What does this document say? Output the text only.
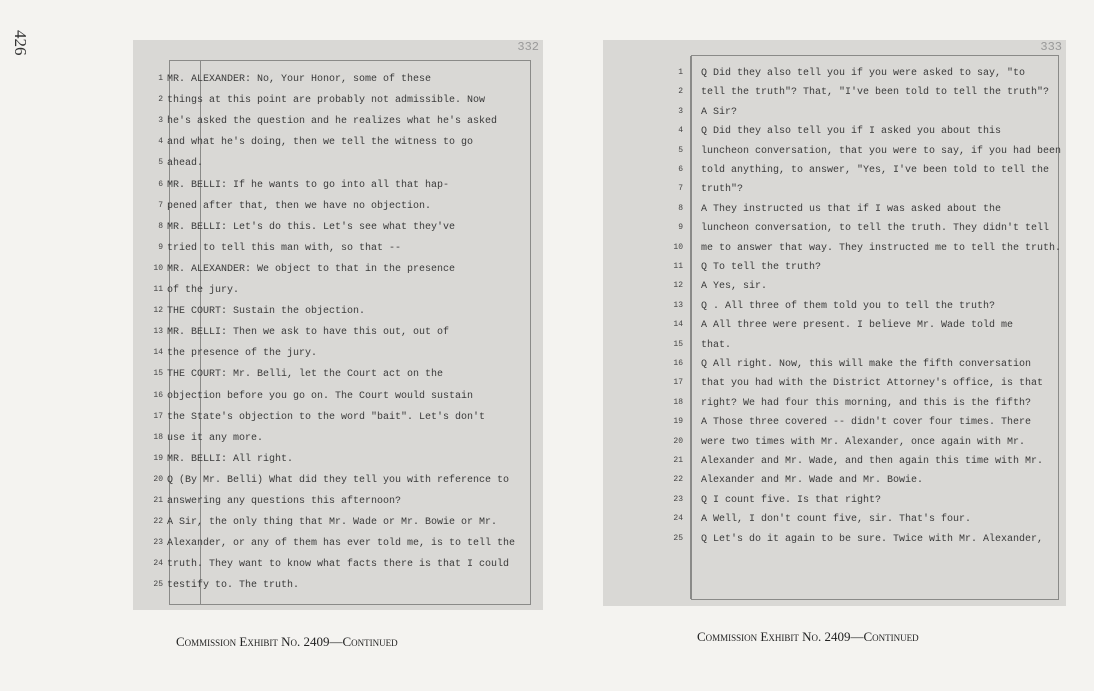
426	332
1 MR. ALEXANDER: No, Your Honor, some of these
2 things at this point are probably not admissible. Now
3 he's asked the question and he realizes what he's asked
4 and what he's doing, then we tell the witness to go
5 ahead.
6 MR. BELLI: If he wants to go into all that hap-
7 pened after that, then we have no objection.
8 MR. BELLI: Let's do this. Let's see what they've
9 tried to tell this man with, so that --
10 MR. ALEXANDER: We object to that in the presence
11 of the jury.
12 THE COURT: Sustain the objection.
13 MR. BELLI: Then we ask to have this out, out of
14 the presence of the jury.
15 THE COURT: Mr. Belli, let the Court act on the
16 objection before you go on. The Court would sustain
17 the State's objection to the word "bait". Let's don't
18 use it any more.
19 MR. BELLI: All right.
20 Q (By Mr. Belli) What did they tell you with reference to
21 answering any questions this afternoon?
22 A Sir, the only thing that Mr. Wade or Mr. Bowie or Mr.
23 Alexander, or any of them has ever told me, is to tell the
24 truth. They want to know what facts there is that I could
25 testify to. The truth.
333
1 Q Did they also tell you if you were asked to say, "to
2 tell the truth"? That, "I've been told to tell the truth"?
3 A Sir?
4 Q Did they also tell you if I asked you about this
5 luncheon conversation, that you were to say, if you had been
6 told anything, to answer, "Yes, I've been told to tell the
7 truth"?
8 A They instructed us that if I was asked about the
9 luncheon conversation, to tell the truth. They didn't tell
10 me to answer that way. They instructed me to tell the truth.
11 Q To tell the truth?
12 A Yes, sir.
13 Q . All three of them told you to tell the truth?
14 A All three were present. I believe Mr. Wade told me
15 that.
16 Q All right. Now, this will make the fifth conversation
17 that you had with the District Attorney's office, is that
18 right? We had four this morning, and this is the fifth?
19 A Those three covered -- didn't cover four times. There
20 were two times with Mr. Alexander, once again with Mr.
21 Alexander and Mr. Wade, and then again this time with Mr.
22 Alexander and Mr. Wade and Mr. Bowie.
23 Q I count five. Is that right?
24 A Well, I don't count five, sir. That's four.
25 Q Let's do it again to be sure. Twice with Mr. Alexander,
Commission Exhibit No. 2409—Continued	Commission Exhibit No. 2409—Continued
